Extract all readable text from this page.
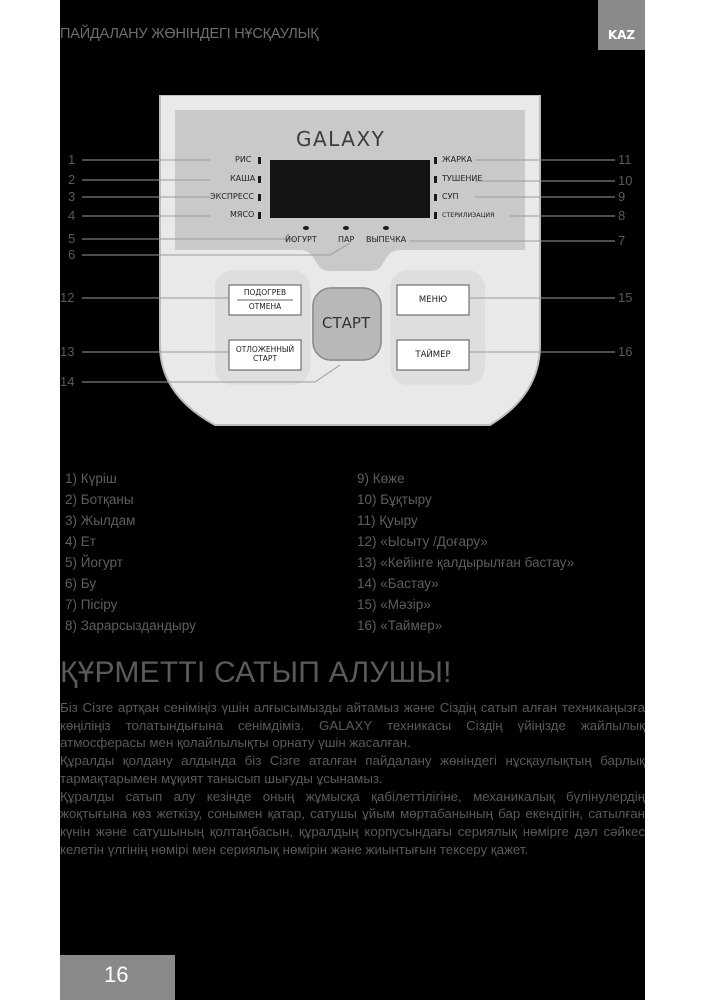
ПАЙДАЛАНУ ЖӨНІНДЕГІ НҰСҚАУЛЫҚ	KAZ
GALAXY
РИС
КАША
ЭКСПРЕСС
МЯСО
ЖАРКА
ТУШЕНИЕ
СУП
СТЕРИЛИЗАЦИЯ
ЙОГУРТ	ПАР ВЫПЕЧКА
ПОДОГРЕВ
ОТМЕНА
ОТЛОЖЕННЫЙ
СТАРТ
СТАРТ
МЕНЮ
ТАЙМЕР
1
2
3
4
5
6
7
8
9
10
11
12
13
14
15
16
1) Күріш
2) Ботқаны
3) Жылдам
4) Ет
5) Йогурт
6) Бу
7) Пісіру
8) Зарарсыздандыру
9) Көже
10) Бұқтыру
11) Қуыру
12) «Ысыту /Доғару»
13) «Кейінге қалдырылған бастау»
14) «Бастау»
15) «Мәзір»
16) «Таймер»
ҚҰРМЕТТІ САТЫП АЛУШЫ!

Біз Сізге артқан сеніміңіз үшін алғысымызды айтамыз және Сіздің сатып алған техникаңызға көңіліңіз толатындығына сенімдіміз. GALAXY техникасы Сіздің үйіңізде жайлылық атмосферасы мен қолайлылықты орнату үшін жасалған.

Құралды қолдану алдында біз Сізге аталған пайдалану жөніндегі нұсқаулықтың барлық тармақтарымен мұқият танысып шығуды ұсынамыз.

Құралды сатып алу кезінде оның жұмысқа қабілеттілігіне, механикалық бүлінулердің жоқтығына көз жеткізу, сонымен қатар, сатушы ұйым мөртабанының бар екендігін, сатылған күнін және сатушының қолтаңбасын, құралдың корпусындағы сериялық нөмірге дәл сәйкес келетін үлгінің нөмірі мен сериялық нөмірін және жиынтығын тексеру қажет.

16
